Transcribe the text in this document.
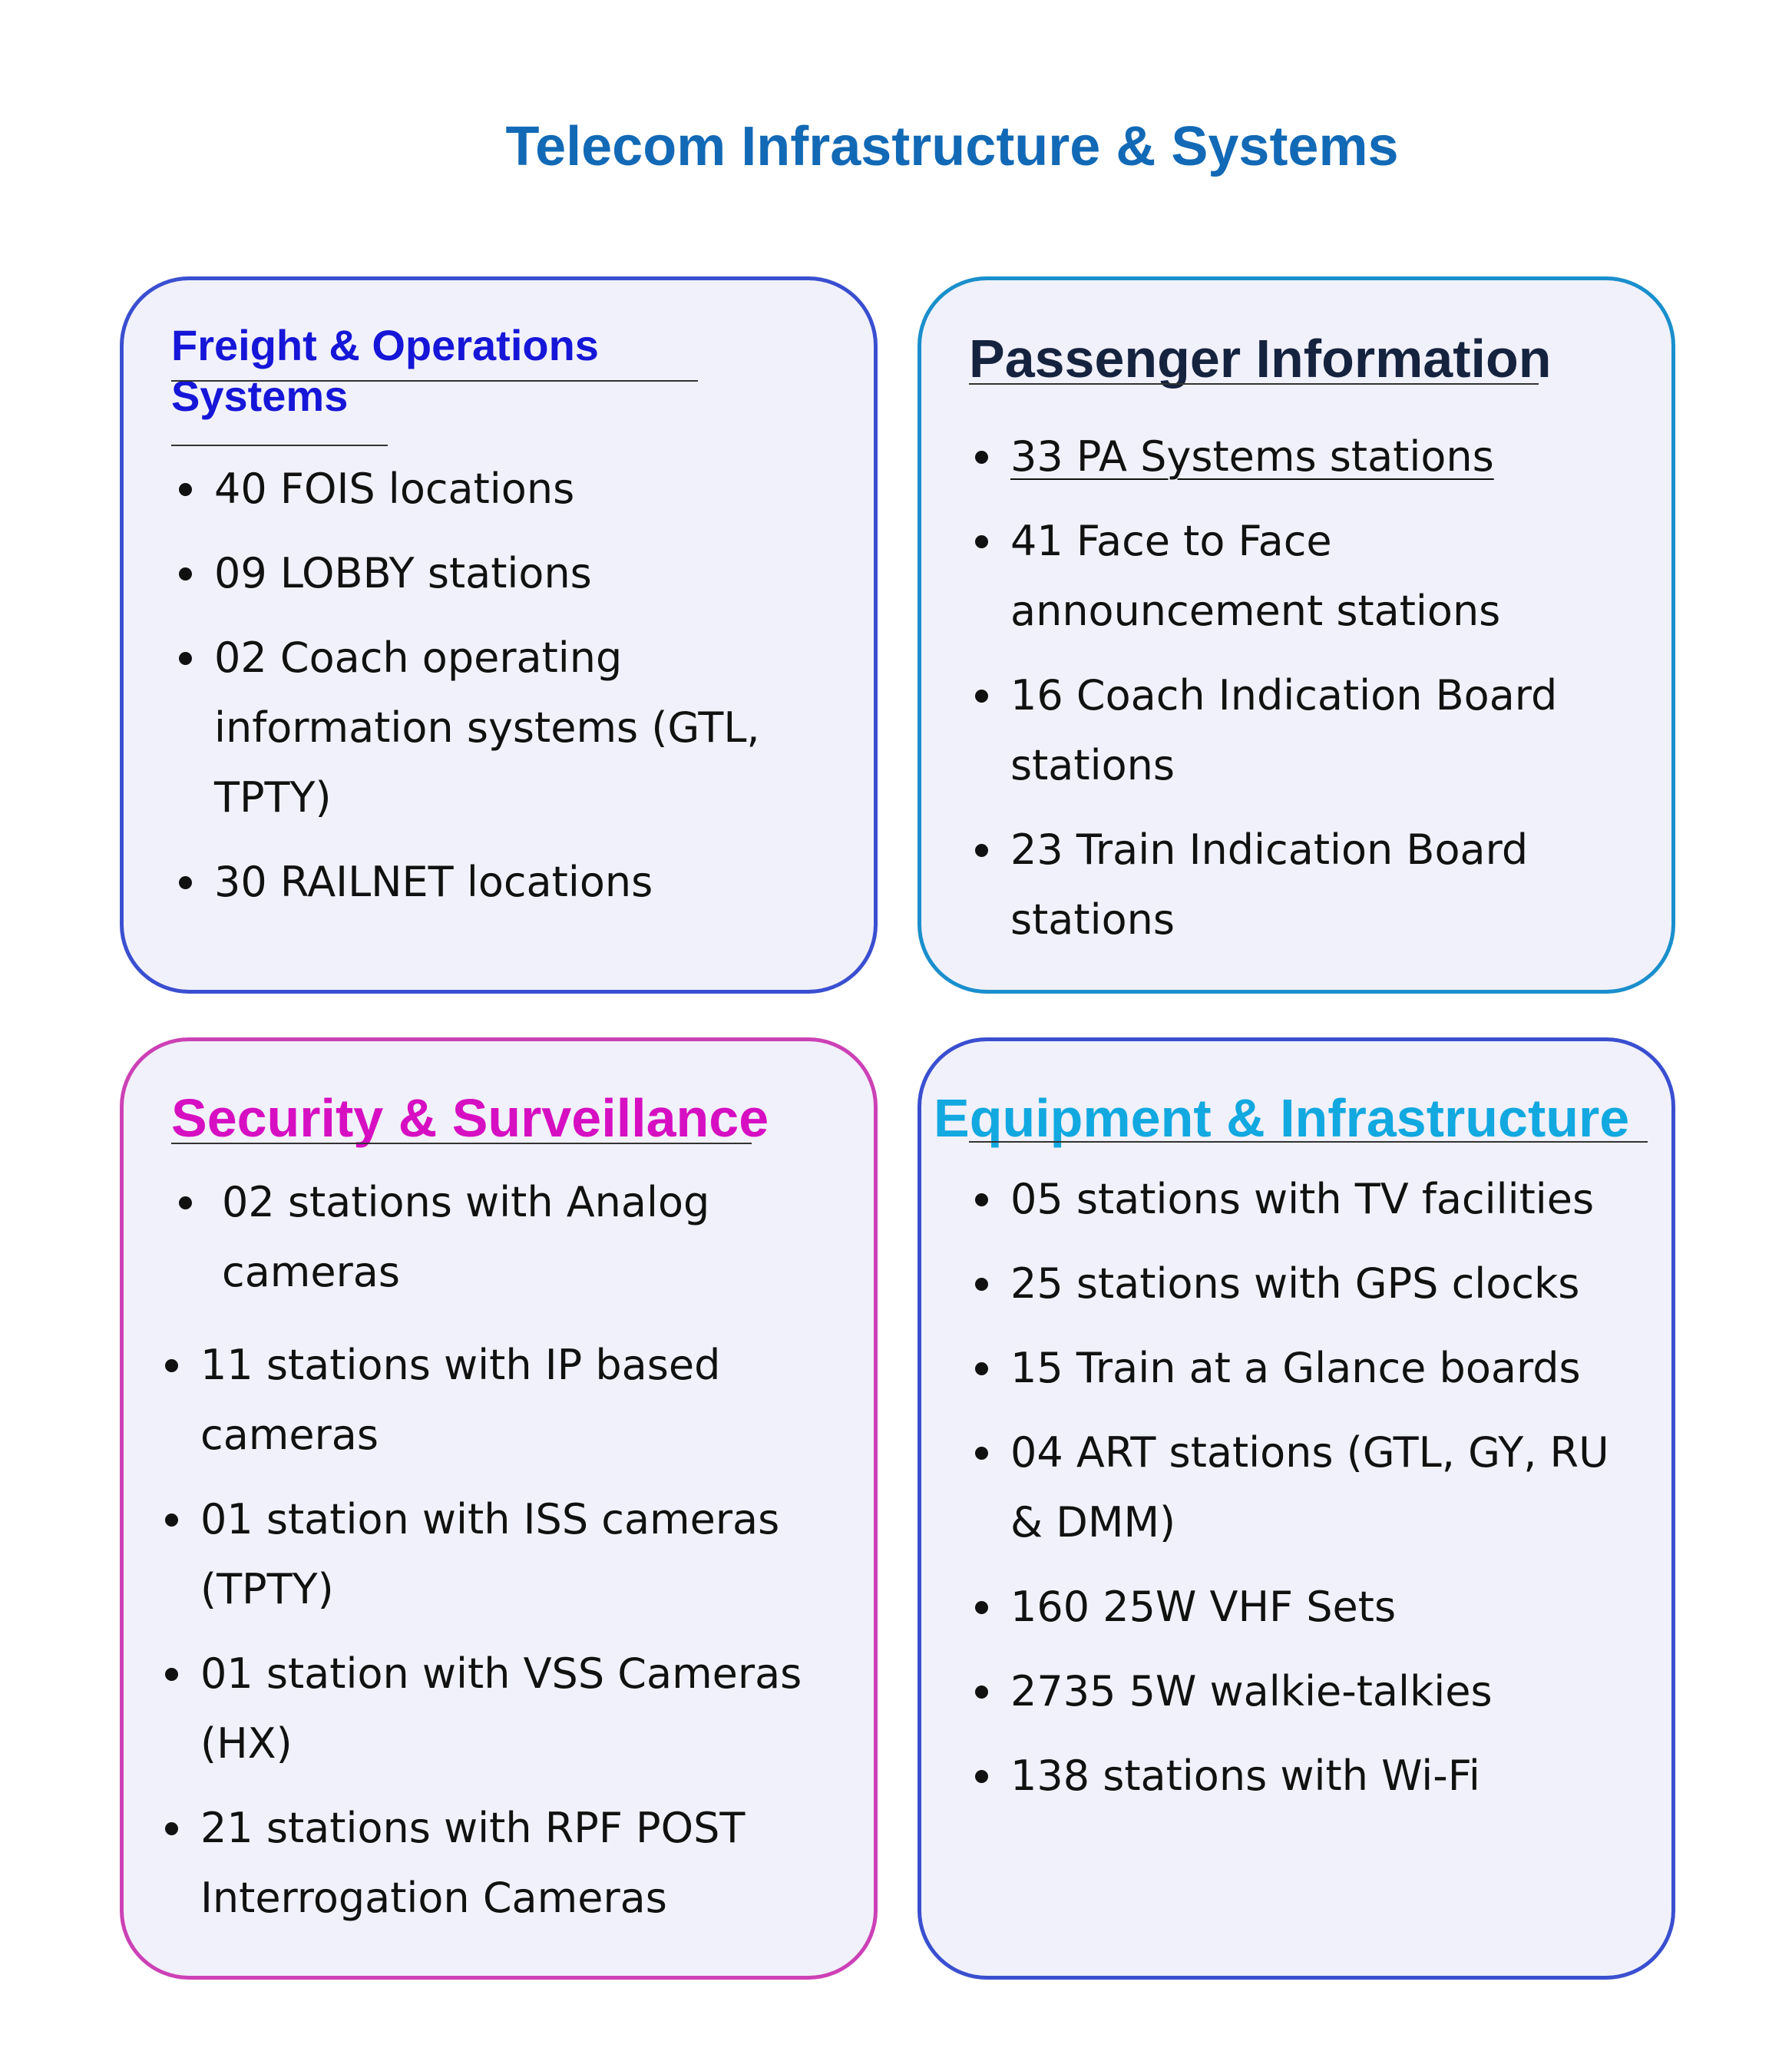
Telecom Infrastructure & Systems
Freight & Operations
Systems
40 FOIS locations
09 LOBBY stations
02 Coach operating information systems (GTL, TPTY)
30 RAILNET locations
Passenger Information
33 PA Systems stations
41 Face to Face announcement stations
16 Coach Indication Board stations
23 Train Indication Board stations
Security & Surveillance
02 stations with Analog cameras
11 stations with IP based cameras
01 station with ISS cameras (TPTY)
01 station with VSS Cameras (HX)
21 stations with RPF POST Interrogation Cameras
Equipment & Infrastructure
05 stations with TV facilities
25 stations with GPS clocks
15 Train at a Glance boards
04 ART stations (GTL, GY, RU & DMM)
160 25W VHF Sets
2735 5W walkie-talkies
138 stations with Wi-Fi
